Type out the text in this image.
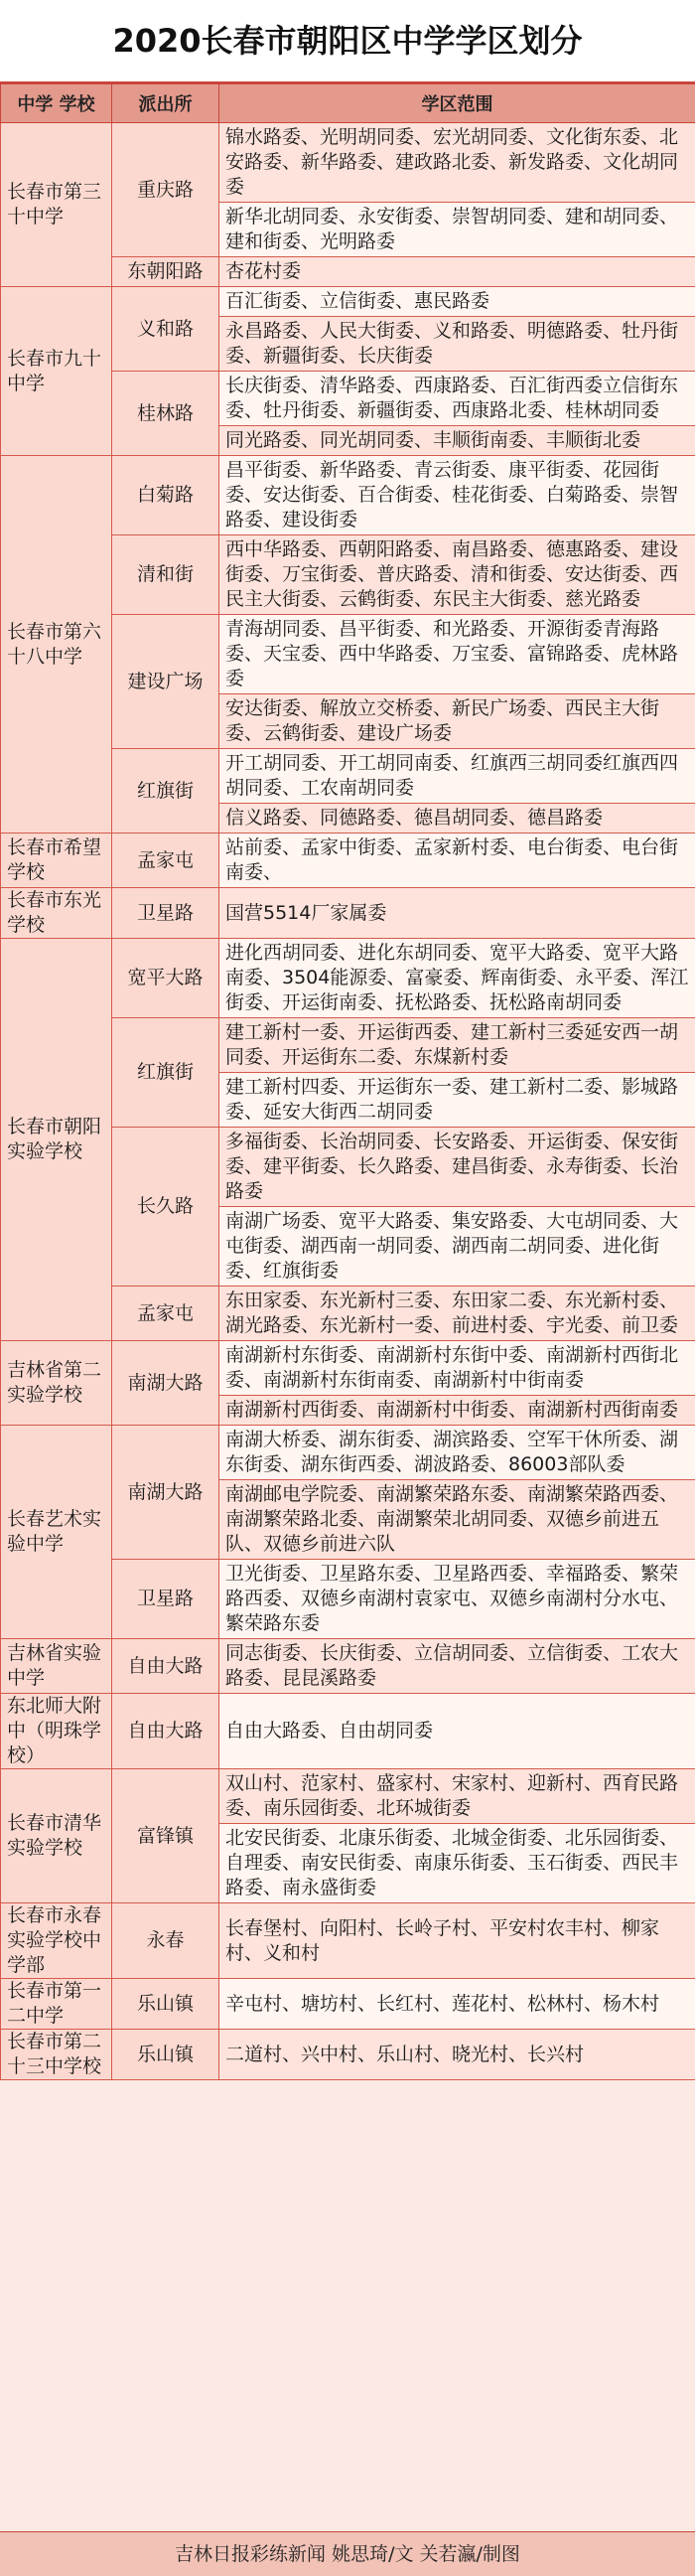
2020长春市朝阳区中学学区划分
中学 学校	派出所	学区范围
长春市第三十中学	重庆路	锦水路委、光明胡同委、宏光胡同委、文化街东委、北安路委、新华路委、建政路北委、新发路委、文化胡同委
		新华北胡同委、永安街委、崇智胡同委、建和胡同委、建和街委、光明路委
	东朝阳路	杏花村委
长春市九十中学	义和路	百汇街委、立信街委、惠民路委
		永昌路委、人民大街委、义和路委、明德路委、牡丹街委、新疆街委、长庆街委
	桂林路	长庆街委、清华路委、西康路委、百汇街西委立信街东委、牡丹街委、新疆街委、西康路北委、桂林胡同委
		同光路委、同光胡同委、丰顺街南委、丰顺街北委
长春市第六十八中学	白菊路	昌平街委、新华路委、青云街委、康平街委、花园街委、安达街委、百合街委、桂花街委、白菊路委、崇智路委、建设街委
	清和街	西中华路委、西朝阳路委、南昌路委、德惠路委、建设街委、万宝街委、普庆路委、清和街委、安达街委、西民主大街委、云鹤街委、东民主大街委、慈光路委
	建设广场	青海胡同委、昌平街委、和光路委、开源街委青海路委、天宝委、西中华路委、万宝委、富锦路委、虎林路委
		安达街委、解放立交桥委、新民广场委、西民主大街委、云鹤街委、建设广场委
	红旗街	开工胡同委、开工胡同南委、红旗西三胡同委红旗西四胡同委、工农南胡同委
		信义路委、同德路委、德昌胡同委、德昌路委
长春市希望学校	孟家屯	站前委、孟家中街委、孟家新村委、电台街委、电台街南委、
长春市东光学校	卫星路	国营5514厂家属委
长春市朝阳实验学校	宽平大路	进化西胡同委、进化东胡同委、宽平大路委、宽平大路南委、3504能源委、富豪委、辉南街委、永平委、浑江街委、开运街南委、抚松路委、抚松路南胡同委
	红旗街	建工新村一委、开运街西委、建工新村三委延安西一胡同委、开运街东二委、东煤新村委
		建工新村四委、开运街东一委、建工新村二委、影城路委、延安大街西二胡同委
	长久路	多福街委、长治胡同委、长安路委、开运街委、保安街委、建平街委、长久路委、建昌街委、永寿街委、长治路委
		南湖广场委、宽平大路委、集安路委、大屯胡同委、大屯街委、湖西南一胡同委、湖西南二胡同委、进化街委、红旗街委
	孟家屯	东田家委、东光新村三委、东田家二委、东光新村委、湖光路委、东光新村一委、前进村委、宇光委、前卫委
吉林省第二实验学校	南湖大路	南湖新村东街委、南湖新村东街中委、南湖新村西街北委、南湖新村东街南委、南湖新村中街南委
		南湖新村西街委、南湖新村中街委、南湖新村西街南委
长春艺术实验中学	南湖大路	南湖大桥委、湖东街委、湖滨路委、空军干休所委、湖东街委、湖东街西委、湖波路委、86003部队委
		南湖邮电学院委、南湖繁荣路东委、南湖繁荣路西委、南湖繁荣路北委、南湖繁荣北胡同委、双德乡前进五队、双德乡前进六队
	卫星路	卫光街委、卫星路东委、卫星路西委、幸福路委、繁荣路西委、双德乡南湖村袁家屯、双德乡南湖村分水屯、繁荣路东委
吉林省实验中学	自由大路	同志街委、长庆街委、立信胡同委、立信街委、工农大路委、昆昆溪路委
东北师大附中（明珠学校）	自由大路	自由大路委、自由胡同委
长春市清华实验学校	富锋镇	双山村、范家村、盛家村、宋家村、迎新村、西育民路委、南乐园街委、北环城街委
		北安民街委、北康乐街委、北城金街委、北乐园街委、自理委、南安民街委、南康乐街委、玉石街委、西民丰路委、南永盛街委
长春市永春实验学校中学部	永春	长春堡村、向阳村、长岭子村、平安村农丰村、柳家村、义和村
长春市第一二中学	乐山镇	辛屯村、塘坊村、长红村、莲花村、松林村、杨木村
长春市第二十三中学校	乐山镇	二道村、兴中村、乐山村、晓光村、长兴村
吉林日报彩练新闻 姚思琦/文 关若瀛/制图
